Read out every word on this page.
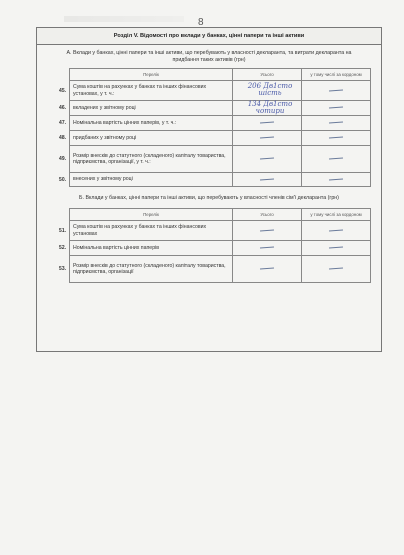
8
Розділ V. Відомості про вклади у банках, цінні папери та інші активи
А. Вклади у банках, цінні папери та інші активи, що перебувають у власності декларанта, та витрати декларанта на придбання таких активів (грн)
	Перелік	Усього	у тому числі за кордоном
45.	Сума коштів на рахунках у банках та інших фінансових установах, у т. ч.:	206 Дв1сто шість	

46.	вкладених у звітному році	134 Дв1сто чотири	

47.	Номінальна вартість цінних паперів, у т. ч.:		
48.	придбаних у звітному році		
49.	Розмір внесків до статутного (складеного) капіталу товариства, підприємства, організації, у т. ч.:		
50.	внесених у звітному році		
Б. Вклади у банках, цінні папери та інші активи, що перебувають у власності членів сім'ї декларанта (грн)
	Перелік	Усього	у тому числі за кордоном
51.	Сума коштів на рахунках у банках та інших фінансових установах		
52.	Номінальна вартість цінних паперів		
53.	Розмір внесків до статутного (складеного) капіталу товариства, підприємства, організації		
